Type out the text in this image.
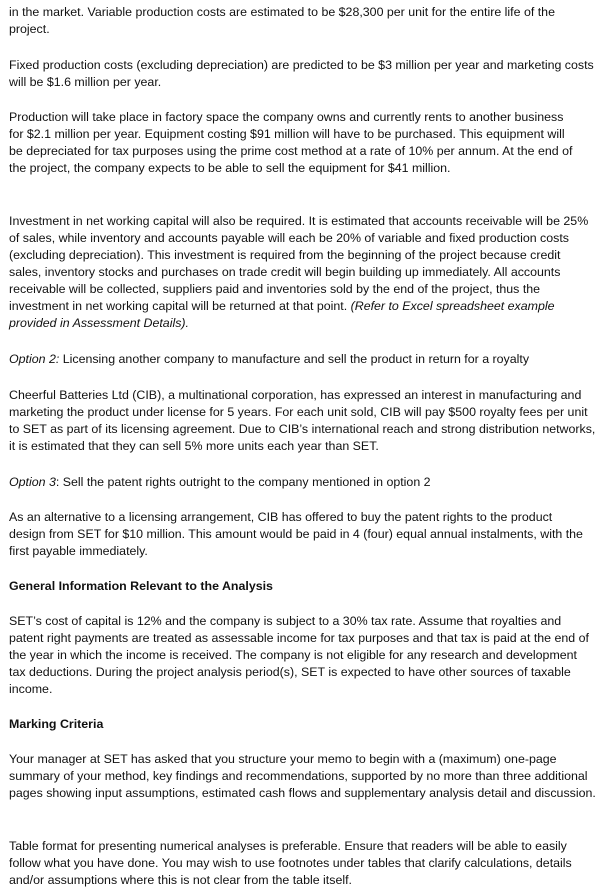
in the market. Variable production costs are estimated to be $28,300 per unit for the entire life of the project.

Fixed production costs (excluding depreciation) are predicted to be $3 million per year and marketing costs will be $1.6 million per year.

Production will take place in factory space the company owns and currently rents to another business for $2.1 million per year. Equipment costing $91 million will have to be purchased. This equipment will be depreciated for tax purposes using the prime cost method at a rate of 10% per annum. At the end of the project, the company expects to be able to sell the equipment for $41 million.

Investment in net working capital will also be required. It is estimated that accounts receivable will be 25% of sales, while inventory and accounts payable will each be 20% of variable and fixed production costs (excluding depreciation). This investment is required from the beginning of the project because credit sales, inventory stocks and purchases on trade credit will begin building up immediately. All accounts receivable will be collected, suppliers paid and inventories sold by the end of the project, thus the investment in net working capital will be returned at that point. (Refer to Excel spreadsheet example provided in Assessment Details).

Option 2: Licensing another company to manufacture and sell the product in return for a royalty

Cheerful Batteries Ltd (CIB), a multinational corporation, has expressed an interest in manufacturing and marketing the product under license for 5 years. For each unit sold, CIB will pay $500 royalty fees per unit to SET as part of its licensing agreement. Due to CIB’s international reach and strong distribution networks, it is estimated that they can sell 5% more units each year than SET.

Option 3: Sell the patent rights outright to the company mentioned in option 2

As an alternative to a licensing arrangement, CIB has offered to buy the patent rights to the product design from SET for $10 million. This amount would be paid in 4 (four) equal annual instalments, with the first payable immediately.

General Information Relevant to the Analysis

SET’s cost of capital is 12% and the company is subject to a 30% tax rate. Assume that royalties and patent right payments are treated as assessable income for tax purposes and that tax is paid at the end of the year in which the income is received. The company is not eligible for any research and development tax deductions. During the project analysis period(s), SET is expected to have other sources of taxable income.

Marking Criteria

Your manager at SET has asked that you structure your memo to begin with a (maximum) one-page summary of your method, key findings and recommendations, supported by no more than three additional pages showing input assumptions, estimated cash flows and supplementary analysis detail and discussion.

Table format for presenting numerical analyses is preferable. Ensure that readers will be able to easily follow what you have done. You may wish to use footnotes under tables that clarify calculations, details and/or assumptions where this is not clear from the table itself.
